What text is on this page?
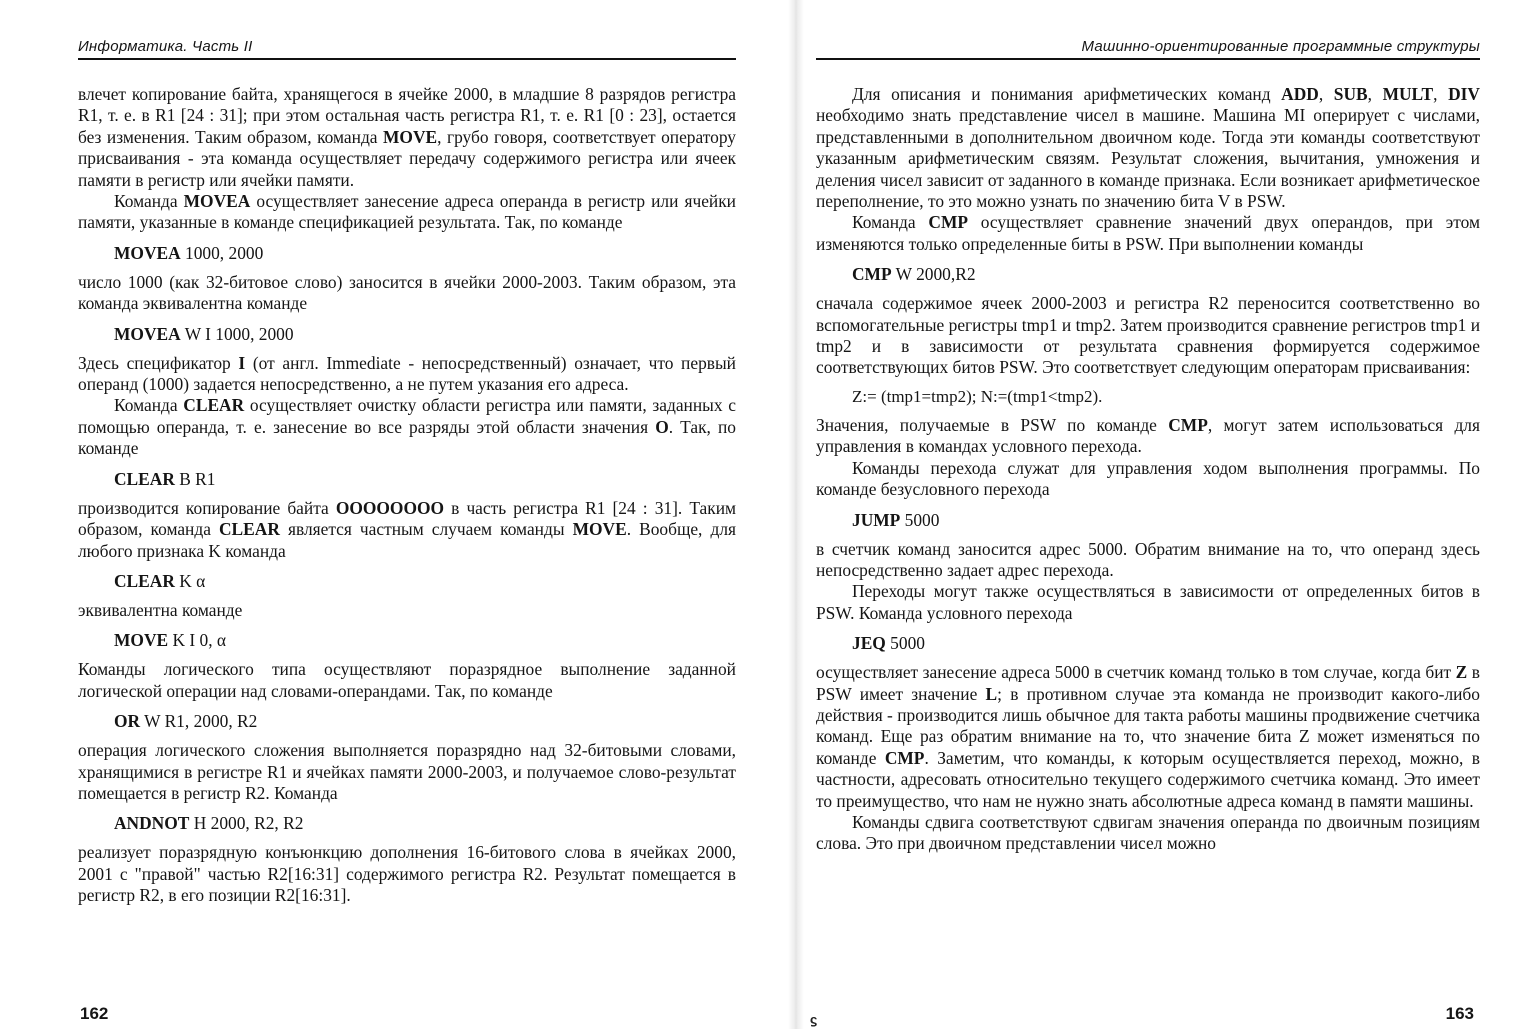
Информатика. Часть II

влечет копирование байта, хранящегося в ячейке 2000, в младшие 8 разрядов регистра R1, т. е. в R1 [24 : 31]; при этом остальная часть регистра R1, т. е. R1 [0 : 23], остается без изменения. Таким образом, команда MOVE, грубо говоря, соответствует оператору присваивания - эта команда осуществляет передачу содержимого регистра или ячеек памяти в регистр или ячейки памяти.

Команда MOVEA осуществляет занесение адреса операнда в регистр или ячейки памяти, указанные в команде спецификацией результата. Так, по команде

MOVEA 1000, 2000

число 1000 (как 32-битовое слово) заносится в ячейки 2000-2003. Таким образом, эта команда эквивалентна команде

MOVEA W I 1000, 2000

Здесь спецификатор I (от англ. Immediate - непосредственный) означает, что первый операнд (1000) задается непосредственно, а не путем указания его адреса.

Команда CLEAR осуществляет очистку области регистра или памяти, заданных с помощью операнда, т. е. занесение во все разряды этой области значения O. Так, по команде

CLEAR B R1

производится копирование байта OOOOOOOO в часть регистра R1 [24 : 31]. Таким образом, команда CLEAR является частным случаем команды MOVE. Вообще, для любого признака K команда

CLEAR K α

эквивалентна команде

MOVE K I 0, α

Команды логического типа осуществляют поразрядное выполнение заданной логической операции над словами-операндами. Так, по команде

OR W R1, 2000, R2

операция логического сложения выполняется поразрядно над 32-битовыми словами, хранящимися в регистре R1 и ячейках памяти 2000-2003, и получаемое слово-результат помещается в регистр R2. Команда

ANDNOT H 2000, R2, R2

реализует поразрядную конъюнкцию дополнения 16-битового слова в ячейках 2000, 2001 с "правой" частью R2[16:31] содержимого регистра R2. Результат помещается в регистр R2, в его позиции R2[16:31].

162
Машинно-ориентированные программные структуры

Для описания и понимания арифметических команд ADD, SUB, MULT, DIV необходимо знать представление чисел в машине. Машина MI оперирует с числами, представленными в дополнительном двоичном коде. Тогда эти команды соответствуют указанным арифметическим связям. Результат сложения, вычитания, умножения и деления чисел зависит от заданного в команде признака. Если возникает арифметическое переполнение, то это можно узнать по значению бита V в PSW.

Команда CMP осуществляет сравнение значений двух операндов, при этом изменяются только определенные биты в PSW. При выполнении команды

CMP W 2000,R2

сначала содержимое ячеек 2000-2003 и регистра R2 переносится соответственно во вспомогательные регистры tmp1 и tmp2. Затем производится сравнение регистров tmp1 и tmp2 и в зависимости от результата сравнения формируется содержимое соответствующих битов PSW. Это соответствует следующим операторам присваивания:

Z:= (tmp1=tmp2); N:=(tmp1<tmp2).

Значения, получаемые в PSW по команде CMP, могут затем использоваться для управления в командах условного перехода.

Команды перехода служат для управления ходом выполнения программы. По команде безусловного перехода

JUMP 5000

в счетчик команд заносится адрес 5000. Обратим внимание на то, что операнд здесь непосредственно задает адрес перехода.

Переходы могут также осуществляться в зависимости от определенных битов в PSW. Команда условного перехода

JEQ 5000

осуществляет занесение адреса 5000 в счетчик команд только в том случае, когда бит Z в PSW имеет значение L; в противном случае эта команда не производит какого-либо действия - производится лишь обычное для такта работы машины продвижение счетчика команд. Еще раз обратим внимание на то, что значение бита Z может изменяться по команде CMP. Заметим, что команды, к которым осуществляется переход, можно, в частности, адресовать относительно текущего содержимого счетчика команд. Это имеет то преимущество, что нам не нужно знать абсолютные адреса команд в памяти машины.

Команды сдвига соответствуют сдвигам значения операнда по двоичным позициям слова. Это при двоичном представлении чисел можно

163
ϛ
